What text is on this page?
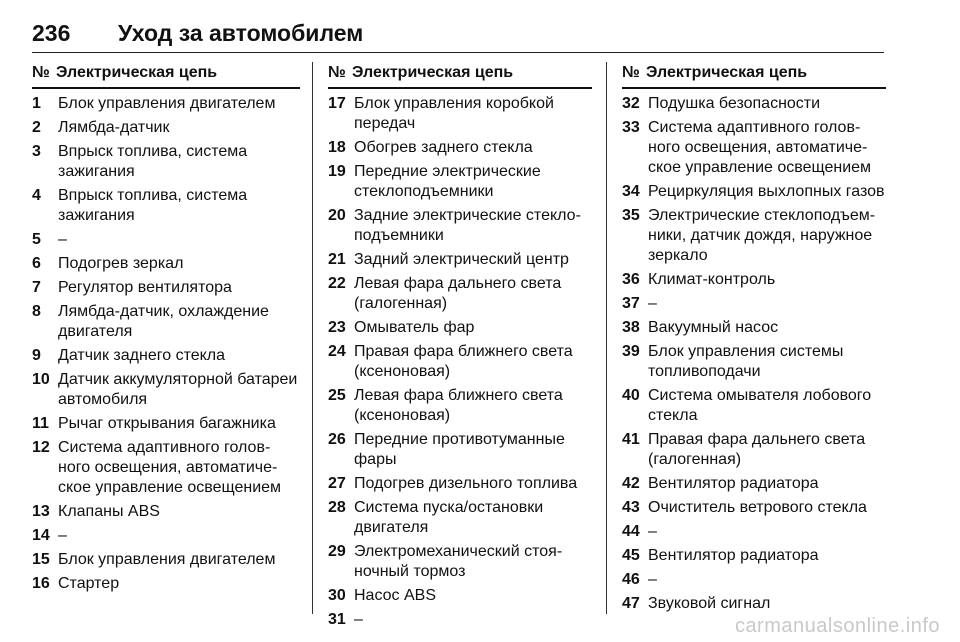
236 Уход за автомобилем
№ Электрическая цепь
1	Блок управления двигателем
2	Лямбда-датчик
3	Впрыск топлива, система зажигания
4	Впрыск топлива, система зажигания
5	–
6	Подогрев зеркал
7	Регулятор вентилятора
8	Лямбда-датчик, охлаждение двигателя
9	Датчик заднего стекла
10 Датчик аккумуляторной батареи автомобиля
11 Рычаг открывания багажника
12 Система адаптивного голов-ного освещения, автоматиче-ское управление освещением
13 Клапаны ABS
14 –
15 Блок управления двигателем
16 Стартер
№ Электрическая цепь
17 Блок управления коробкой передач
18 Обогрев заднего стекла
19 Передние электрические стеклоподъемники
20 Задние электрические стекло-подъемники
21 Задний электрический центр
22 Левая фара дальнего света (галогенная)
23 Омыватель фар
24 Правая фара ближнего света (ксеноновая)
25 Левая фара ближнего света (ксеноновая)
26 Передние противотуманные фары
27 Подогрев дизельного топлива
28 Система пуска/остановки двигателя
29 Электромеханический стоя-ночный тормоз
30 Насос ABS
31 –
№ Электрическая цепь
32 Подушка безопасности
33 Система адаптивного голов-ного освещения, автоматиче-ское управление освещением
34 Рециркуляция выхлопных газов
35 Электрические стеклоподъем-ники, датчик дождя, наружное зеркало
36 Климат-контроль
37 –
38 Вакуумный насос
39 Блок управления системы топливоподачи
40 Система омывателя лобового стекла
41 Правая фара дальнего света (галогенная)
42 Вентилятор радиатора
43 Очиститель ветрового стекла
44 –
45 Вентилятор радиатора
46 –
47 Звуковой сигнал
carmanualsonline.info
